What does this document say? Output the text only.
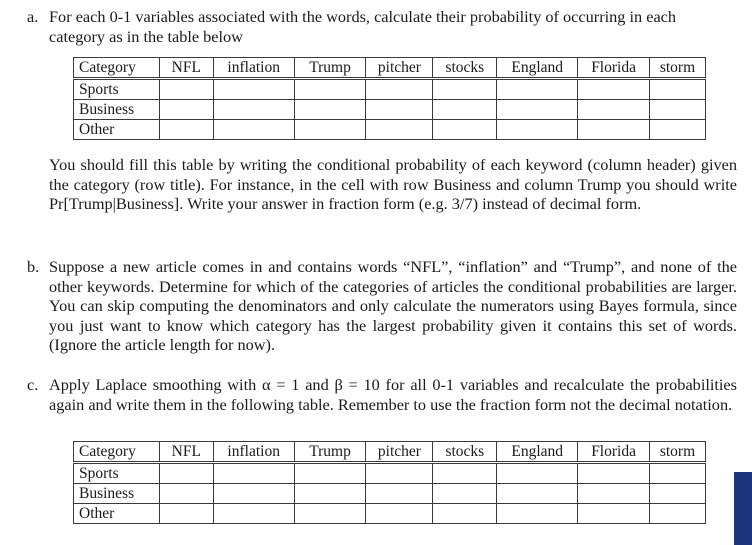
a. For each 0-1 variables associated with the words, calculate their probability of occurring in each
category as in the table below
Category	NFL	inflation	Trump	pitcher	stocks	England	Florida	storm
Sports								
Business								
Other								
You should fill this table by writing the conditional probability of each keyword (column header) given the category (row title). For instance, in the cell with row Business and column Trump you should write Pr[Trump|Business]. Write your answer in fraction form (e.g. 3/7) instead of decimal form.
b. Suppose a new article comes in and contains words “NFL”, “inflation” and “Trump”, and none of the other keywords. Determine for which of the categories of articles the conditional probabilities are larger. You can skip computing the denominators and only calculate the numerators using Bayes formula, since you just want to know which category has the largest probability given it contains this set of words. (Ignore the article length for now).
c. Apply Laplace smoothing with α = 1 and β = 10 for all 0-1 variables and recalculate the probabilities again and write them in the following table. Remember to use the fraction form not the decimal notation.
Category	NFL	inflation	Trump	pitcher	stocks	England	Florida	storm
Sports								
Business								
Other								
